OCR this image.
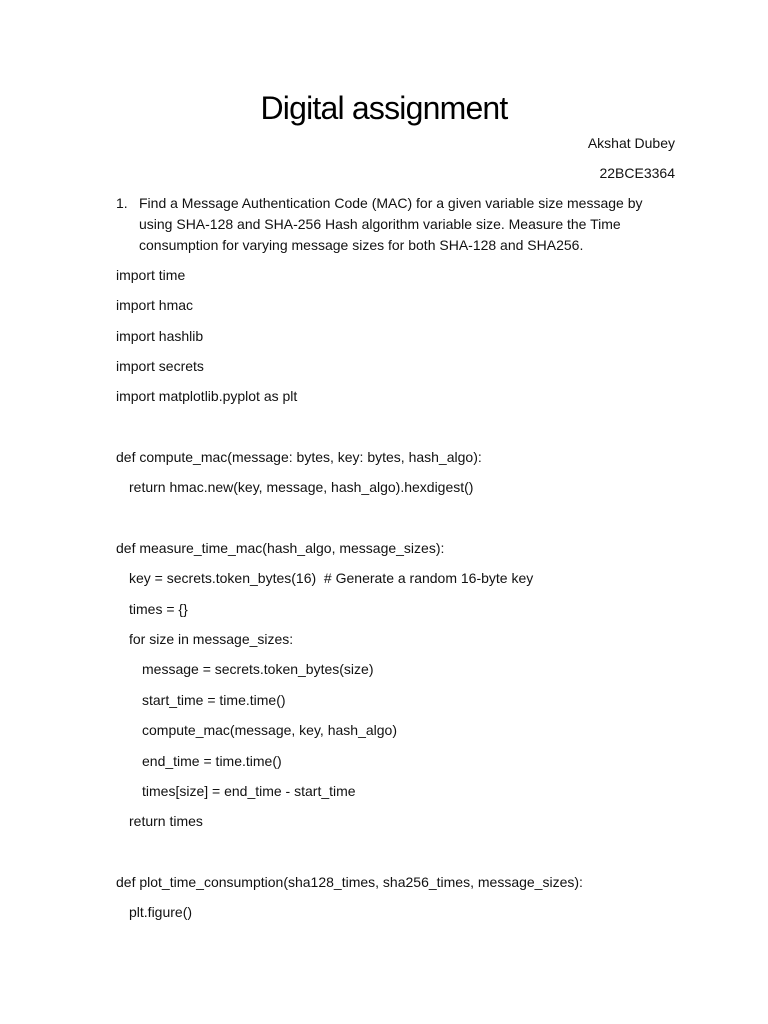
Digital assignment
Akshat Dubey
22BCE3364
1. Find a Message Authentication Code (MAC) for a given variable size message by using SHA-128 and SHA-256 Hash algorithm variable size. Measure the Time consumption for varying message sizes for both SHA-128 and SHA256.
import time
import hmac
import hashlib
import secrets
import matplotlib.pyplot as plt
def compute_mac(message: bytes, key: bytes, hash_algo):
return hmac.new(key, message, hash_algo).hexdigest()
def measure_time_mac(hash_algo, message_sizes):
key = secrets.token_bytes(16)  # Generate a random 16-byte key
times = {}
for size in message_sizes:
message = secrets.token_bytes(size)
start_time = time.time()
compute_mac(message, key, hash_algo)
end_time = time.time()
times[size] = end_time - start_time
return times
def plot_time_consumption(sha128_times, sha256_times, message_sizes):
plt.figure()
